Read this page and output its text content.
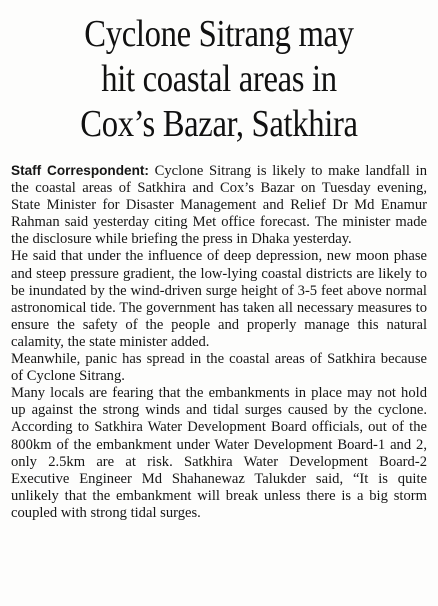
Cyclone Sitrang may
hit coastal areas in
Cox’s Bazar, Satkhira

Staff Correspondent: Cyclone Sitrang is likely to make landfall in the coastal areas of Satkhira and Cox’s Bazar on Tuesday evening, State Minister for Disaster Management and Relief Dr Md Enamur Rahman said yesterday citing Met office forecast. The minister made the disclosure while briefing the press in Dhaka yesterday.

He said that under the influence of deep depression, new moon phase and steep pressure gradient, the low-lying coastal districts are likely to be inundated by the wind-driven surge height of 3-5 feet above normal astronomical tide. The government has taken all necessary measures to ensure the safety of the people and properly manage this natural calamity, the state minister added.

Meanwhile, panic has spread in the coastal areas of Satkhira because of Cyclone Sitrang.

Many locals are fearing that the embankments in place may not hold up against the strong winds and tidal surges caused by the cyclone. According to Satkhira Water Development Board officials, out of the 800km of the embankment under Water Development Board-1 and 2, only 2.5km are at risk. Satkhira Water Development Board-2 Executive Engineer Md Shahanewaz Talukder said, “It is quite unlikely that the embankment will break unless there is a big storm coupled with strong tidal surges.
